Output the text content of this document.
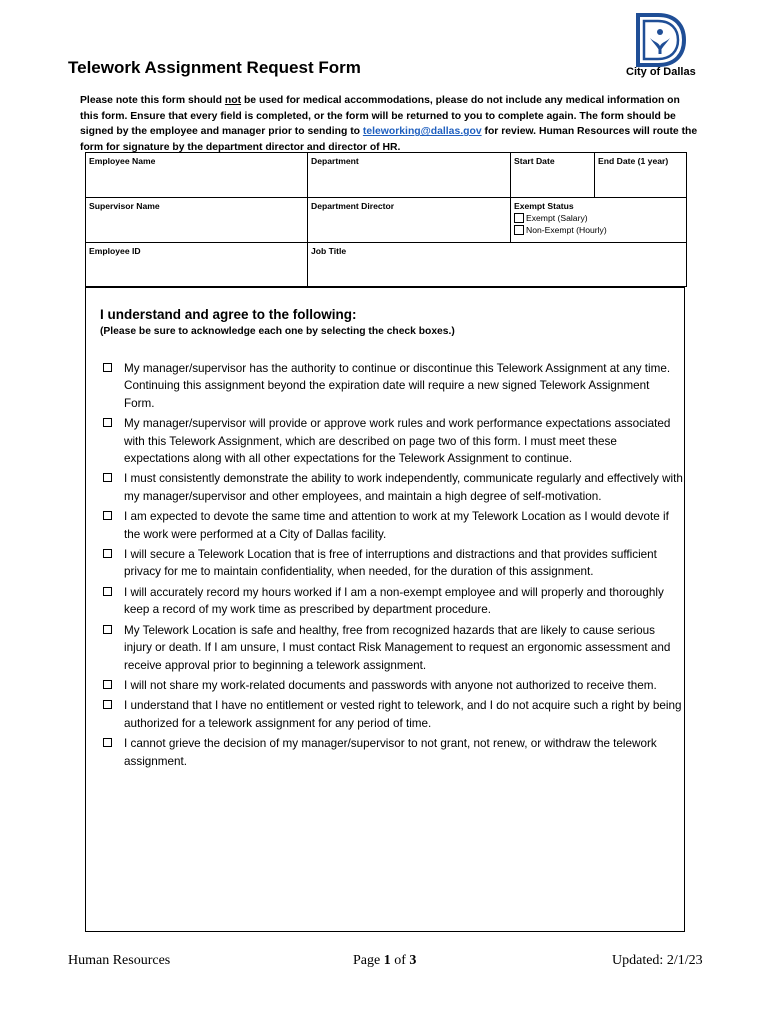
Telework Assignment Request Form	City of Dallas
Please note this form should not be used for medical accommodations, please do not include any medical information on this form. Ensure that every field is completed, or the form will be returned to you to complete again. The form should be signed by the employee and manager prior to sending to teleworking@dallas.gov for review. Human Resources will route the form for signature by the department director and director of HR.
Employee Name	Department	Start Date	End Date (1 year)
Supervisor Name	Department Director	Exempt Status
Exempt (Salary)
Non-Exempt (Hourly)	

Employee ID	Job Title		
I understand and agree to the following:
(Please be sure to acknowledge each one by selecting the check boxes.)
My manager/supervisor has the authority to continue or discontinue this Telework Assignment at any time. Continuing this assignment beyond the expiration date will require a new signed Telework Assignment Form.
My manager/supervisor will provide or approve work rules and work performance expectations associated with this Telework Assignment, which are described on page two of this form. I must meet these expectations along with all other expectations for the Telework Assignment to continue.
I must consistently demonstrate the ability to work independently, communicate regularly and effectively with my manager/supervisor and other employees, and maintain a high degree of self-motivation.
I am expected to devote the same time and attention to work at my Telework Location as I would devote if the work were performed at a City of Dallas facility.
I will secure a Telework Location that is free of interruptions and distractions and that provides sufficient privacy for me to maintain confidentiality, when needed, for the duration of this assignment.
I will accurately record my hours worked if I am a non-exempt employee and will properly and thoroughly keep a record of my work time as prescribed by department procedure.
My Telework Location is safe and healthy, free from recognized hazards that are likely to cause serious injury or death. If I am unsure, I must contact Risk Management to request an ergonomic assessment and receive approval prior to beginning a telework assignment.
I will not share my work-related documents and passwords with anyone not authorized to receive them.
I understand that I have no entitlement or vested right to telework, and I do not acquire such a right by being authorized for a telework assignment for any period of time.
I cannot grieve the decision of my manager/supervisor to not grant, not renew, or withdraw the telework assignment.
Human Resources	Page 1 of 3	Updated: 2/1/23
